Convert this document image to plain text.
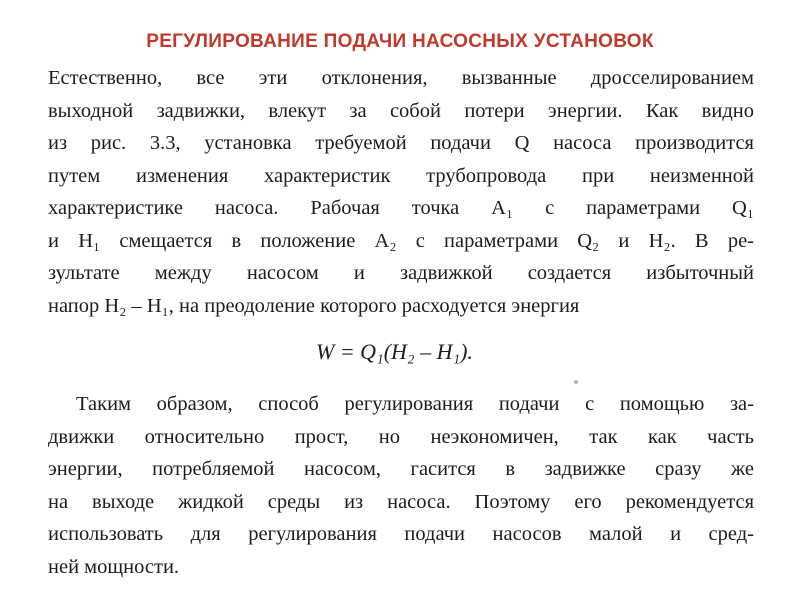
РЕГУЛИРОВАНИЕ ПОДАЧИ НАСОСНЫХ УСТАНОВОК
Естественно, все эти отклонения, вызванные дросселированием
выходной задвижки, влекут за собой потери энергии. Как видно
из рис. 3.3, установка требуемой подачи Q насоса производится
путем изменения характеристик трубопровода при неизменной
характеристике насоса. Рабочая точка A₁ с параметрами Q₁
и H₁ смещается в положение A₂ с параметрами Q₂ и H₂. В ре-
зультате между насосом и задвижкой создается избыточный
напор H₂ – H₁, на преодоление которого расходуется энергия
W = Q₁(H₂ – H₁).
Таким образом, способ регулирования подачи с помощью за-
движки относительно прост, но неэкономичен, так как часть
энергии, потребляемой насосом, гасится в задвижке сразу же
на выходе жидкой среды из насоса. Поэтому его рекомендуется
использовать для регулирования подачи насосов малой и сред-
ней мощности.
